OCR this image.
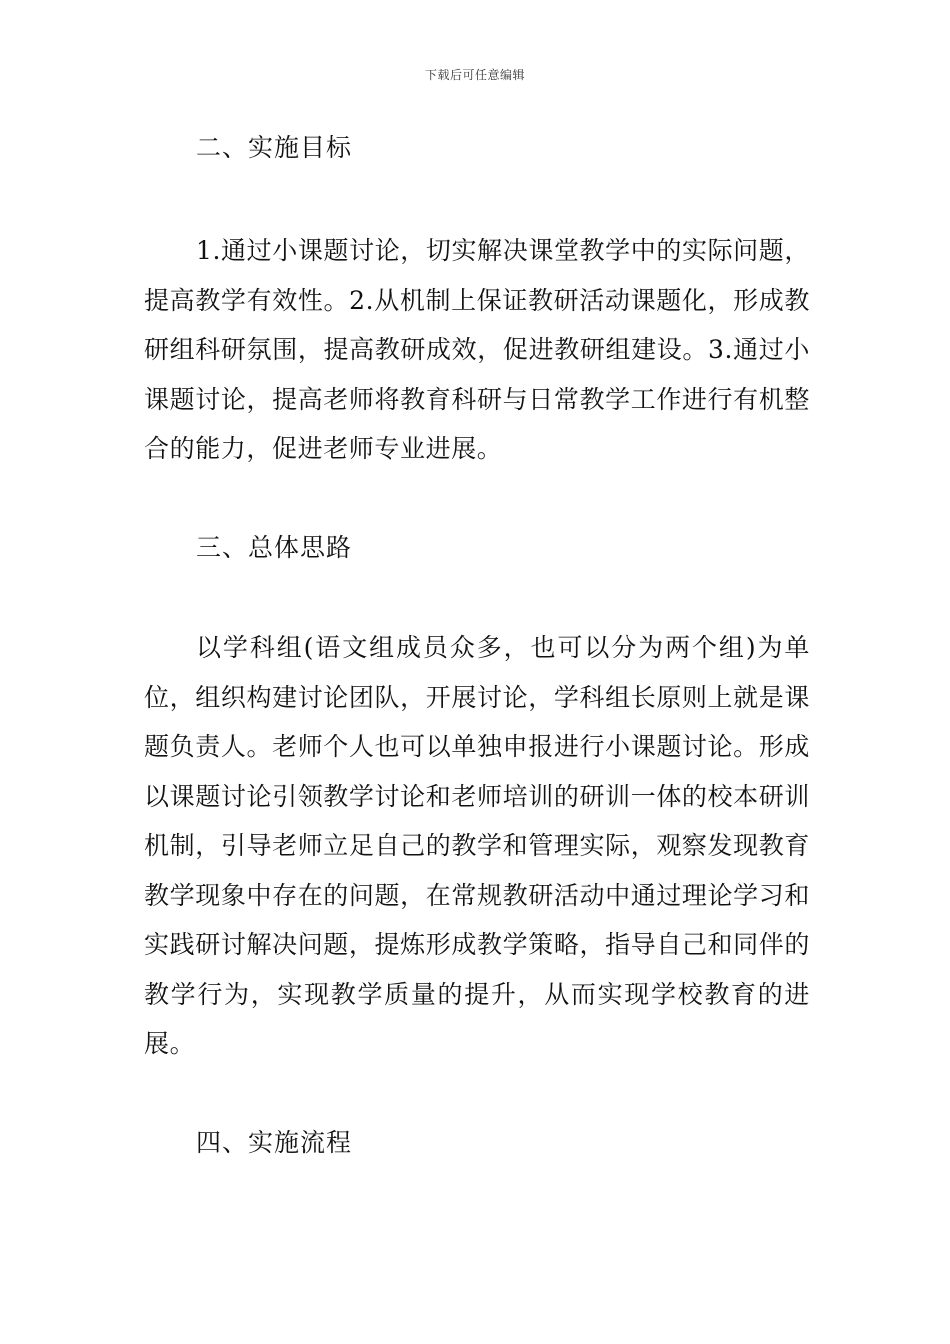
下载后可任意编辑
二、实施目标
1.通过小课题讨论，切实解决课堂教学中的实际问题，提高教学有效性。2.从机制上保证教研活动课题化，形成教研组科研氛围，提高教研成效，促进教研组建设。3.通过小课题讨论，提高老师将教育科研与日常教学工作进行有机整合的能力，促进老师专业进展。
三、总体思路
以学科组(语文组成员众多，也可以分为两个组)为单位，组织构建讨论团队，开展讨论，学科组长原则上就是课题负责人。老师个人也可以单独申报进行小课题讨论。形成以课题讨论引领教学讨论和老师培训的研训一体的校本研训机制，引导老师立足自己的教学和管理实际，观察发现教育教学现象中存在的问题，在常规教研活动中通过理论学习和实践研讨解决问题，提炼形成教学策略，指导自己和同伴的教学行为，实现教学质量的提升，从而实现学校教育的进展。
四、实施流程
